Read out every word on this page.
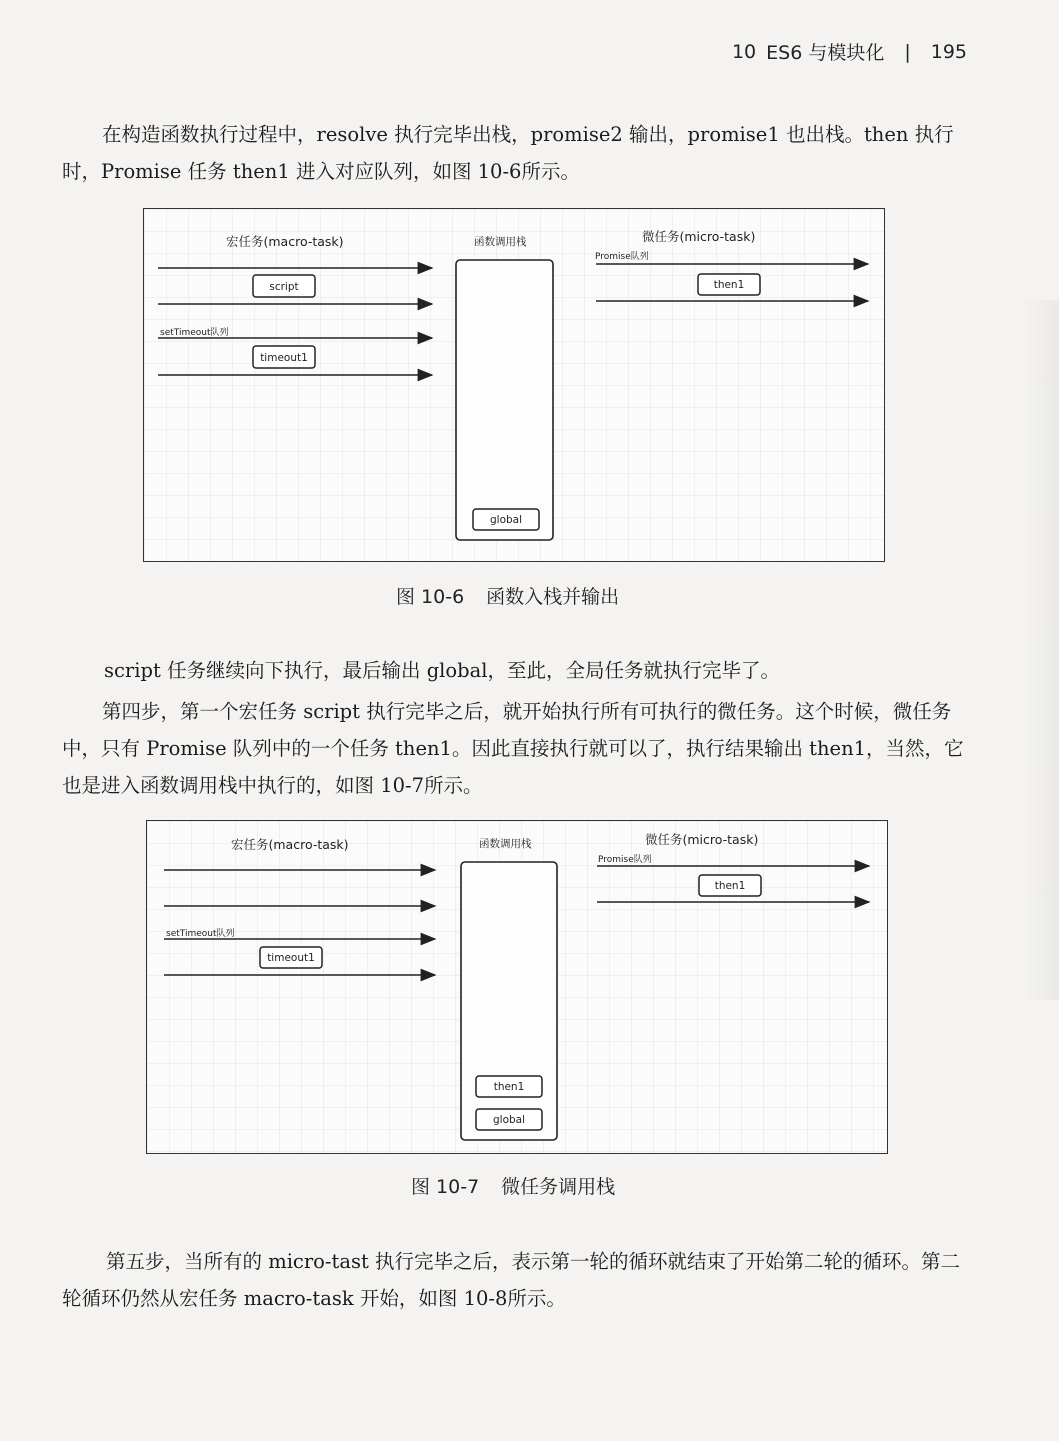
10 ES6 与模块化 | 195

在构造函数执行过程中，resolve 执行完毕出栈，promise2 输出，promise1 也出栈。then 执行时，Promise 任务 then1 进入对应队列，如图 10-6所示。

宏任务(macro-task)	函数调用栈	微任务(micro-task)
Promise队列
setTimeout队列
script
timeout1
then1
global
图 10-6 函数入栈并输出

script 任务继续向下执行，最后输出 global，至此，全局任务就执行完毕了。

第四步，第一个宏任务 script 执行完毕之后，就开始执行所有可执行的微任务。这个时候，微任务中，只有 Promise 队列中的一个任务 then1。因此直接执行就可以了，执行结果输出 then1，当然，它也是进入函数调用栈中执行的，如图 10-7所示。

宏任务(macro-task)	函数调用栈	微任务(micro-task)
Promise队列
setTimeout队列
timeout1
then1
then1
global
图 10-7 微任务调用栈

第五步，当所有的 micro-tast 执行完毕之后，表示第一轮的循环就结束了开始第二轮的循环。第二轮循环仍然从宏任务 macro-task 开始，如图 10-8所示。
